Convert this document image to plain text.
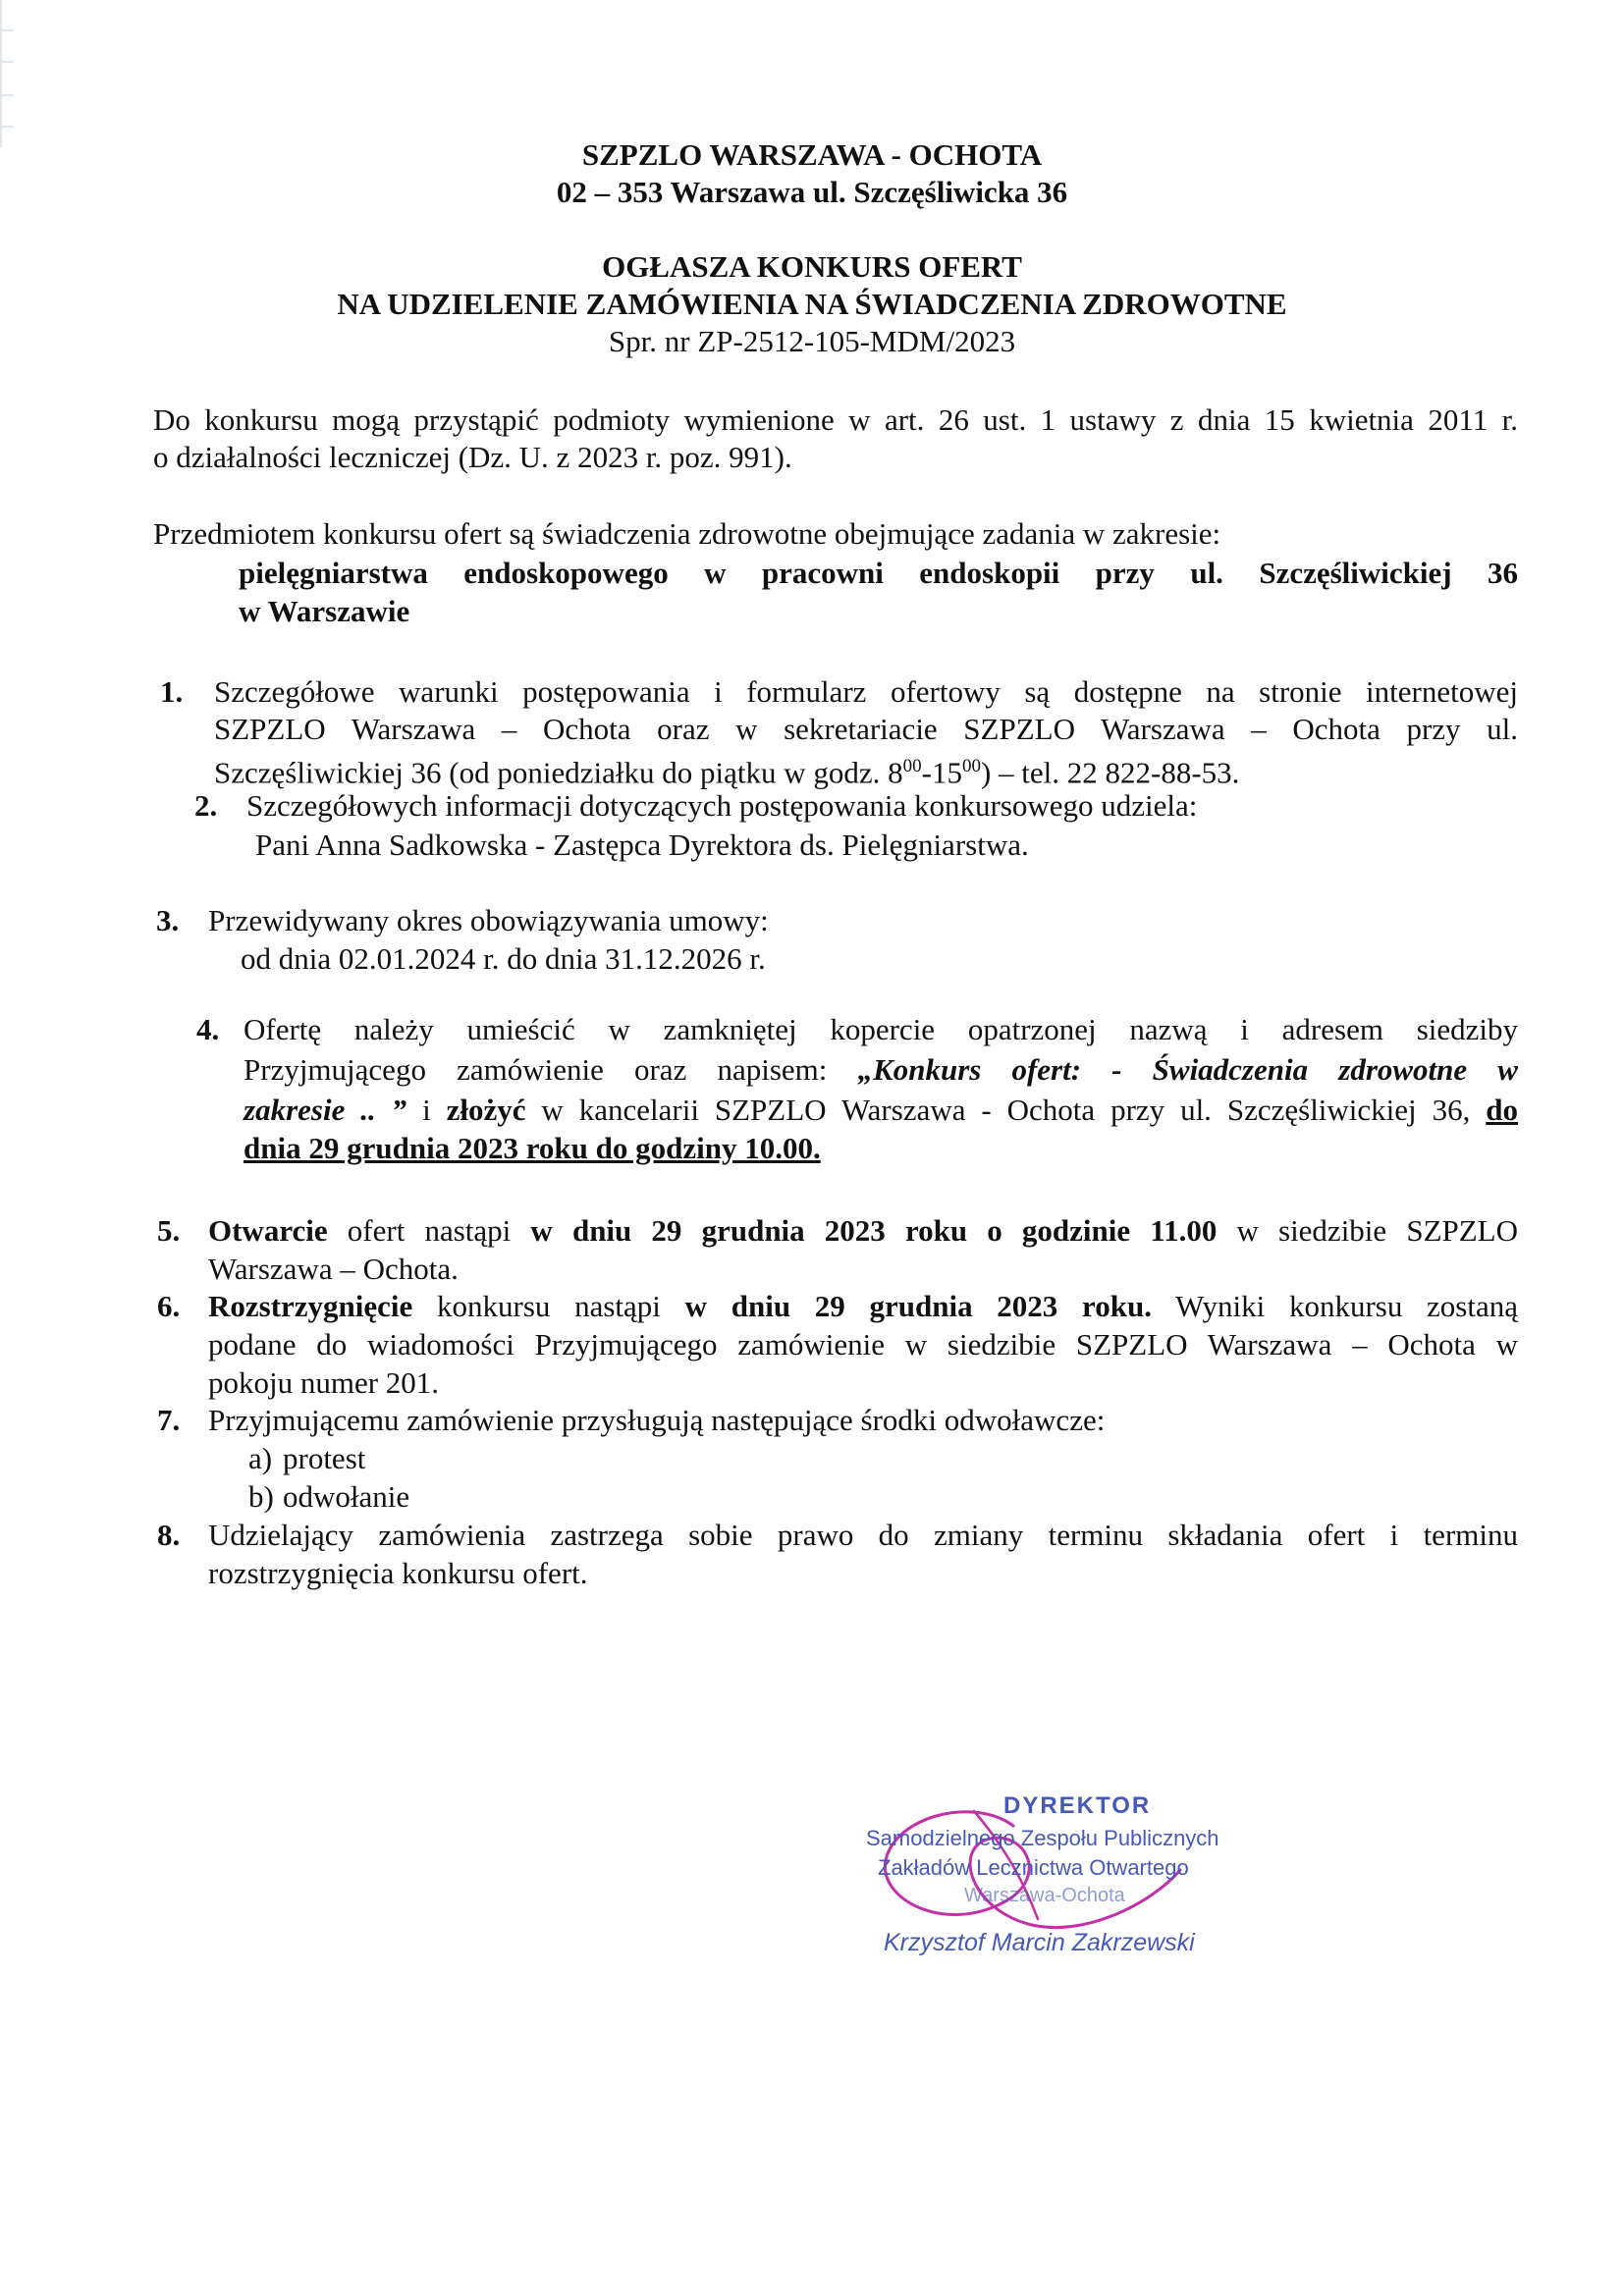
SZPZLO WARSZAWA - OCHOTA
02 – 353 Warszawa ul. Szczęśliwicka 36
OGŁASZA KONKURS OFERT
NA UDZIELENIE ZAMÓWIENIA NA ŚWIADCZENIA ZDROWOTNE
Spr. nr ZP-2512-105-MDM/2023
Do konkursu mogą przystąpić podmioty wymienione w art. 26 ust. 1 ustawy z dnia 15 kwietnia 2011 r.
o działalności leczniczej (Dz. U. z 2023 r. poz. 991).
Przedmiotem konkursu ofert są świadczenia zdrowotne obejmujące zadania w zakresie:
pielęgniarstwa endoskopowego w pracowni endoskopii przy ul. Szczęśliwickiej 36
w Warszawie
1. Szczegółowe warunki postępowania i formularz ofertowy są dostępne na stronie internetowej
SZPZLO Warszawa – Ochota oraz w sekretariacie SZPZLO Warszawa – Ochota przy ul.
Szczęśliwickiej 36 (od poniedziałku do piątku w godz. $8^{00}-15^{00}$) – tel. 22 822-88-53.
2. Szczegółowych informacji dotyczących postępowania konkursowego udziela:
Pani Anna Sadkowska - Zastępca Dyrektora ds. Pielęgniarstwa.
3. Przewidywany okres obowiązywania umowy:
od dnia 02.01.2024 r. do dnia 31.12.2026 r.
4. Ofertę należy umieścić w zamkniętej kopercie opatrzonej nazwą i adresem siedziby
Przyjmującego zamówienie oraz napisem: „Konkurs ofert: - Świadczenia zdrowotne w
zakresie .. ” i złożyć w kancelarii SZPZLO Warszawa - Ochota przy ul. Szczęśliwickiej 36, do
dnia 29 grudnia 2023 roku do godziny 10.00.
5. Otwarcie ofert nastąpi w dniu 29 grudnia 2023 roku o godzinie 11.00 w siedzibie SZPZLO
Warszawa – Ochota.
6. Rozstrzygnięcie konkursu nastąpi w dniu 29 grudnia 2023 roku. Wyniki konkursu zostaną
podane do wiadomości Przyjmującego zamówienie w siedzibie SZPZLO Warszawa – Ochota w
pokoju numer 201.
7. Przyjmującemu zamówienie przysługują następujące środki odwoławcze:
a) protest
b) odwołanie
8. Udzielający zamówienia zastrzega sobie prawo do zmiany terminu składania ofert i terminu
rozstrzygnięcia konkursu ofert.
DYREKTOR
Samodzielnego Zespołu Publicznych
Zakładów Lecznictwa Otwartego
Warszawa-Ochota
Krzysztof Marcin Zakrzewski
